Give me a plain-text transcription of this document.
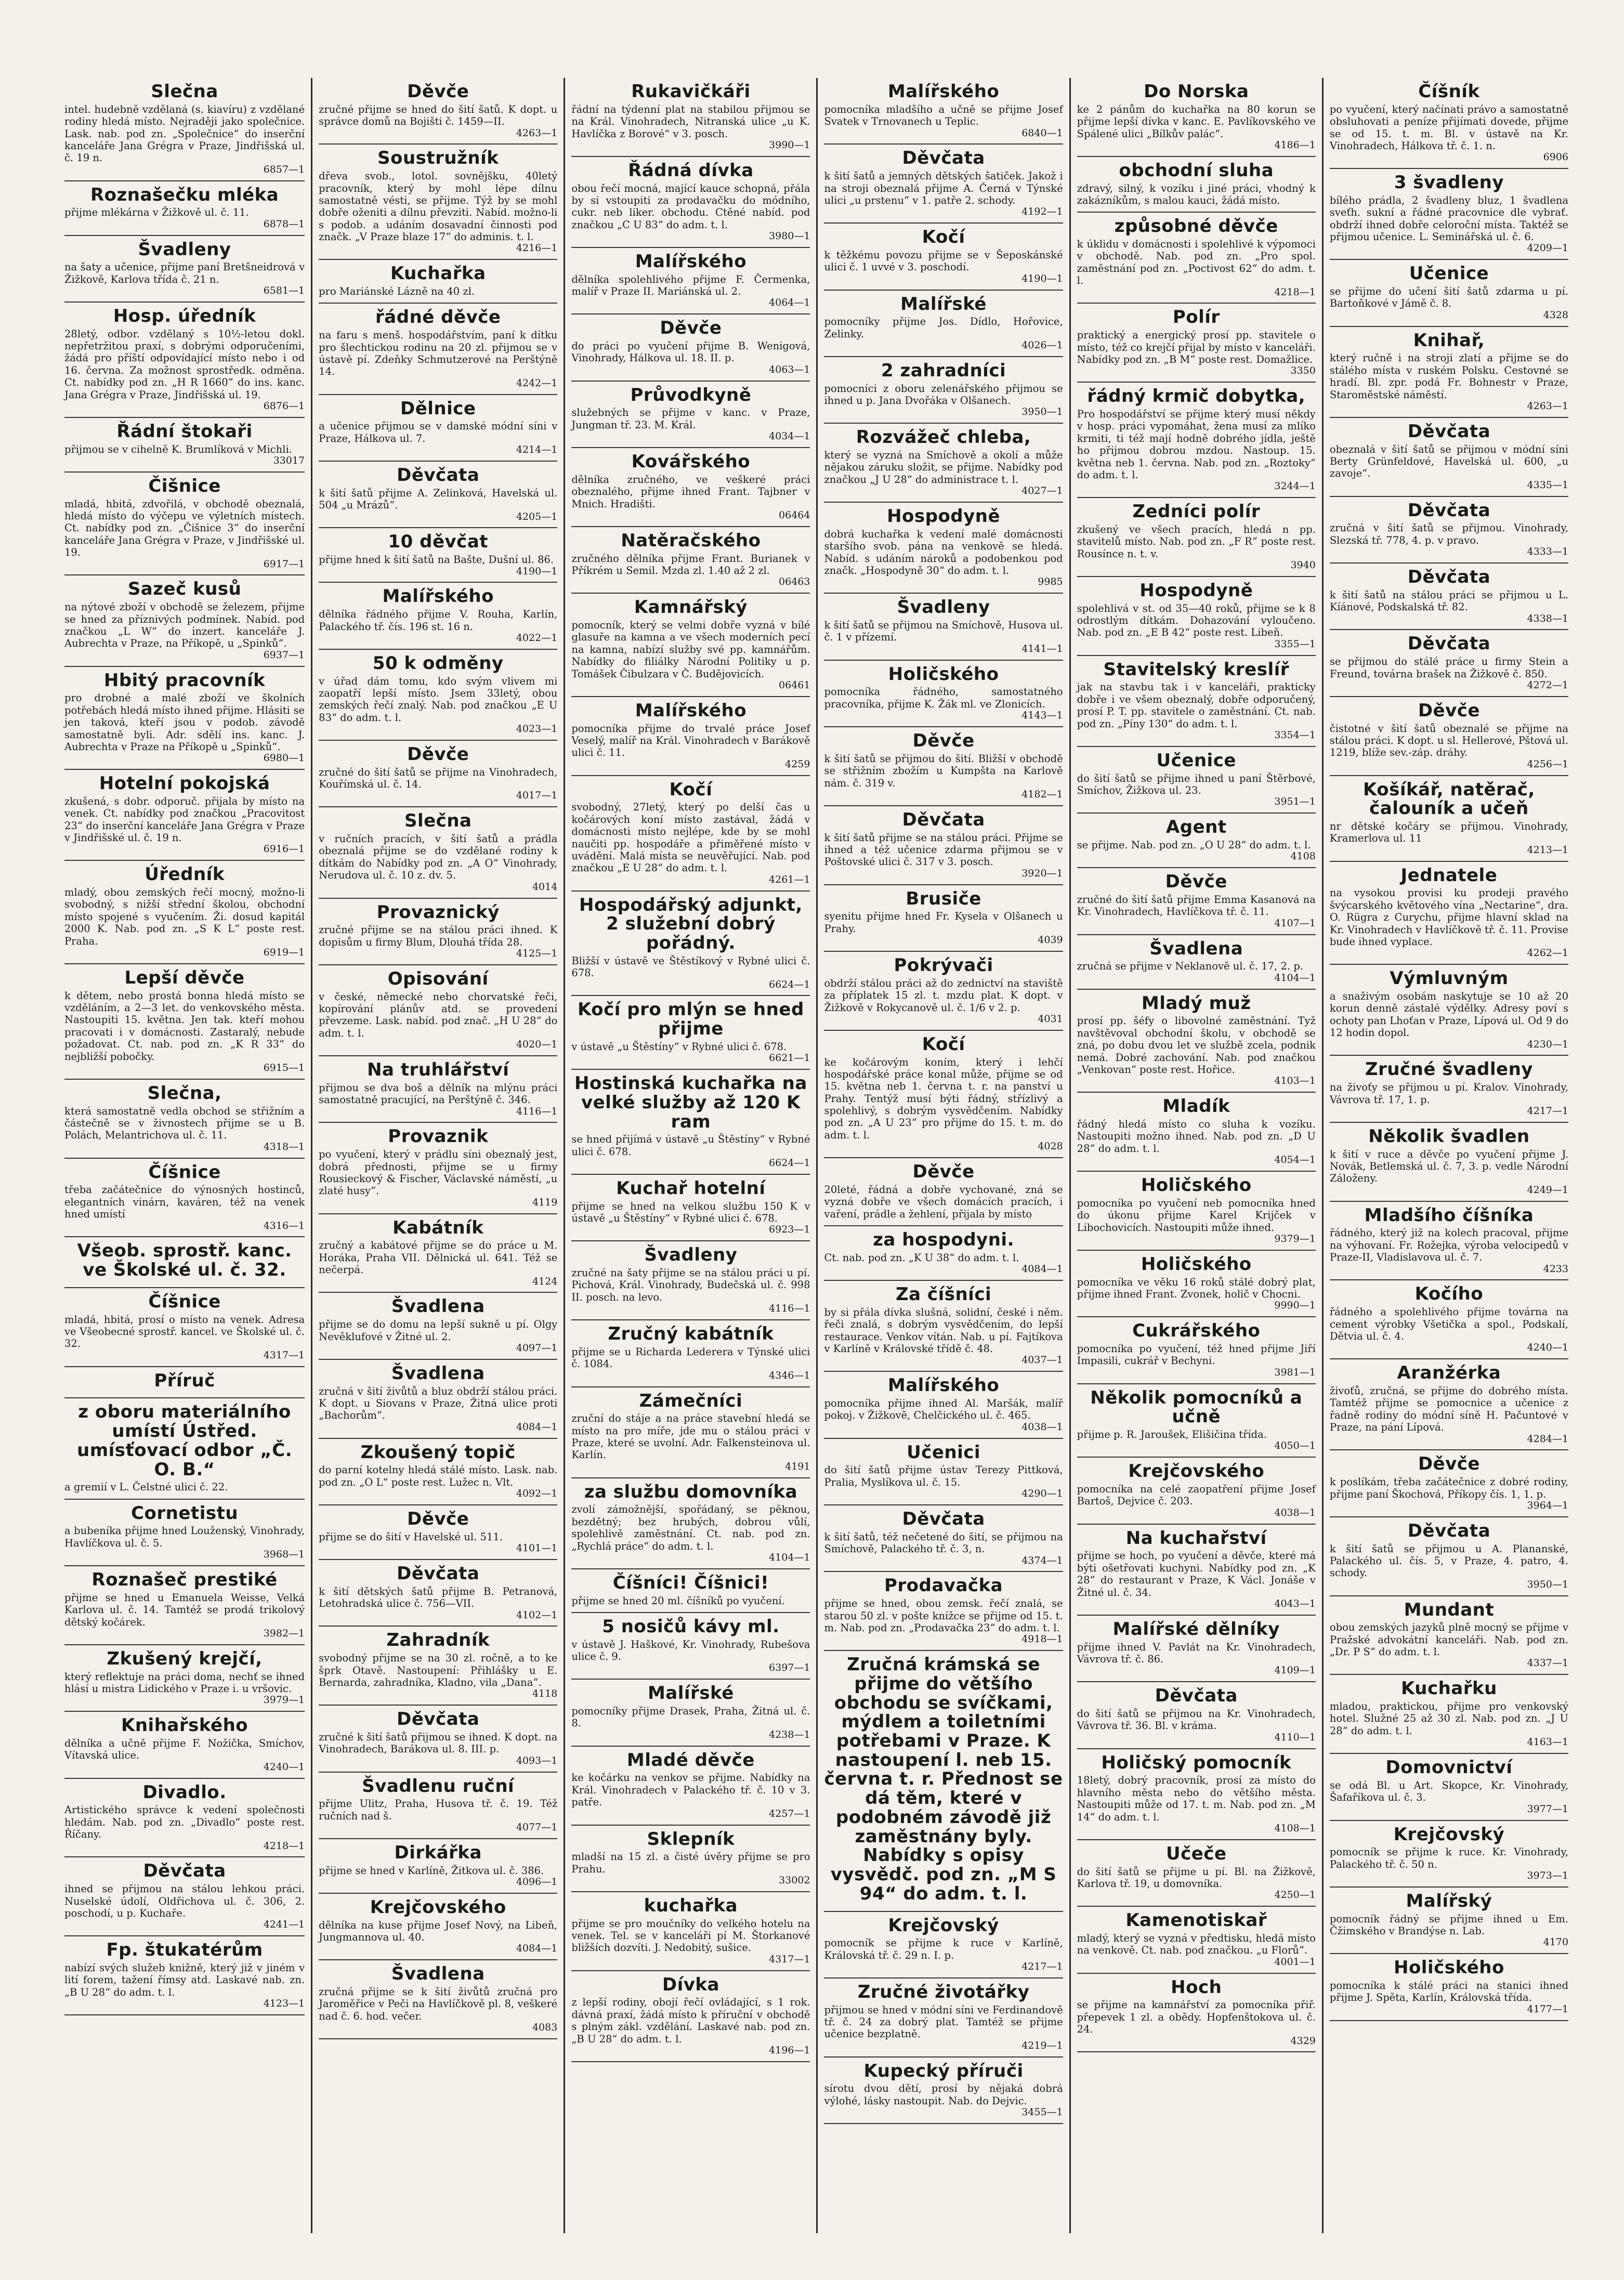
Slečna

intel. hudebně vzdělaná (s. kiavíru) z vzdělané rodiny hledá místo. Nejraději jako společnice. Lask. nab. pod zn. „Společnice“ do inserční kanceláře Jana Grégra v Praze, Jindřišská ul. č. 19 n.

6857—1

Roznašečku mléka

přijme mlékárna v Žižkově ul. č. 11.

6878—1

Švadleny

na šaty a učenice, přijme paní Bretšneidrová v Žižkově, Karlova třída č. 21 n.

6581—1

Hosp. úředník

28letý, odbor. vzdělaný s 10½-letou dokl. nepřetržitou praxí, s dobrými odporučeními, žádá pro příští odpovídající místo nebo i od 16. června. Za možnost sprostředk. odměna. Ct. nabídky pod zn. „H R 1660“ do ins. kanc. Jana Grégra v Praze, Jindřišská ul. 19.

6876—1

Řádní štokaři

přijmou se v cihelně K. Brumlíková v Michli.

33017

Čišnice

mladá, hbitá, zdvořilá, v obchodě obeznalá, hledá místo do výčepu ve výletních místech. Ct. nabídky pod zn. „Čišnice 3“ do inserční kanceláře Jana Grégra v Praze, v Jindřišské ul. 19.

6917—1

Sazeč kusů

na nýtové zboží v obchodě se železem, přijme se hned za příznivých podmínek. Nabíd. pod značkou „L W“ do inzert. kanceláře J. Aubrechta v Praze, na Příkopě, u „Spinků“.

6937—1

Hbitý pracovník

pro drobné a malé zboží ve školních potřebách hledá místo ihned přijme. Hlásiti se jen taková, kteří jsou v podob. závodě samostatně byli. Adr. sdělí ins. kanc. J. Aubrechta v Praze na Příkopě u „Spinků“.

6980—1

Hotelní pokojská

zkušená, s dobr. odporuč. přijala by místo na venek. Ct. nabídky pod značkou „Pracovitost 23“ do inserční kanceláře Jana Grégra v Praze v Jindřišské ul. č. 19 n.

6916—1

Úředník

mladý, obou zemských řečí mocný, možno-li svobodný, s nižší střední školou, obchodní místo spojené s vyučením. Ži. dosud kapitál 2000 K. Nab. pod zn. „S K L“ poste rest. Praha.

6919—1

Lepší děvče

k dětem, nebo prostá bonna hledá místo se vzděláním, a 2—3 let. do venkovského města. Nastoupiti 15. května. Jen tak. kteří mohou pracovati i v domácnosti. Zastaralý, nebude požadovat. Ct. nab. pod zn. „K R 33“ do nejbližší pobočky.

6915—1

Slečna,

která samostatně vedla obchod se střižním a částečně se v živnostech přijme se u B. Polách, Melantrichova ul. č. 11.

4318—1

Číšnice

třeba začátečnice do výnosných hostinců, elegantních vinárn, kaváren, též na venek hned umístí

4316—1

Všeob. sprostř. kanc. ve Školské ul. č. 32.
Číšnice

mladá, hbitá, prosí o místo na venek. Adresa ve Všeobecné sprostř. kancel. ve Školské ul. č. 32.

4317—1

Příruč
z oboru materiálního umístí Ústřed. umísťovací odbor „Č. O. B.“

a gremií v L. Čelstné ulici č. 22.

Cornetistu

a bubeníka přijme hned Louženský, Vinohrady, Havlíčkova ul. č. 5.

3968—1

Roznašeč prestiké

přijme se hned u Emanuela Weisse, Velká Karlova ul. č. 14. Tamtéž se prodá trikolový dětský kočárek.

3982—1

Zkušený krejčí,

který reflektuje na práci doma, nechť se ihned hlásí u mistra Lidického v Praze i. u vršovic.

3979—1

Knihařského

dělníka a učně přijme F. Nožička, Smíchov, Vítavská ulice.

4240—1

Divadlo.

Artistického správce k vedení společnosti hledám. Nab. pod zn. „Divadlo“ poste rest. Říčany.

4218—1

Děvčata

ihned se přijmou na stálou lehkou práci. Nuselské údolí, Oldřichova ul. č. 306, 2. poschodí, u p. Kuchaře.

4241—1

Fp. štukatérům

nabízí svých služeb knižně, který již v jiném v lití forem, tažení římsy atd. Laskavé nab. zn. „B U 28“ do adm. t. l.

4123—1

Děvče

zručné přijme se hned do šití šatů. K dopt. u správce domů na Bojišti č. 1459—II.

4263—1

Soustružník

dřeva svob., lotol. sovnějšku, 40letý pracovník, který by mohl lépe dílnu samostatně vésti, se přijme. Týž by se mohl dobře oženiti a dílnu převziti. Nabíd. možno-li s podob. a udáním dosavadní činnosti pod značk. „V Praze blaze 17“ do adminis. t. l.

4216—1

Kuchařka

pro Mariánské Lázně na 40 zl.

řádné děvče

na faru s menš. hospodářstvím, paní k dítku pro šlechtickou rodinu na 20 zl. přijmou se v ústavě pí. Zdeňky Schmutzerové na Perštýně 14.

4242—1

Dělnice

a učenice přijmou se v damské módní síni v Praze, Hálkova ul. 7.

4214—1

Děvčata

k šití šatů přijme A. Zelinková, Havelská ul. 504 „u Mrázů“.

4205—1

10 děvčat

přijme hned k šití šatů na Bašte, Dušní ul. 86.

4190—1

Malířského

dělníka řádného přijme V. Rouha, Karlín, Palackého tř. čís. 196 st. 16 n.

4022—1

50 k odměny

v úřad dám tomu, kdo svým vlivem mi zaopatří lepší místo. Jsem 33letý, obou zemských řečí znalý. Nab. pod značkou „E U 83“ do adm. t. l.

4023—1

Děvče

zručné do šití šatů se přijme na Vinohradech, Kouřímská ul. č. 14.

4017—1

Slečna

v ručních pracích, v šití šatů a prádla obeznalá přijme se do vzdělané rodiny k dítkám do Nabídky pod zn. „A O“ Vinohrady, Nerudova ul. č. 10 z. dv. 5.

4014

Provaznický

zručné přijme se na stálou práci ihned. K dopisům u firmy Blum, Dlouhá třída 28.

4125—1

Opisování

v české, německé nebo chorvatské řeči, kopírování plánův atd. se provedení převzeme. Lask. nabíd. pod znač. „H U 28“ do adm. t. l.

4020—1

Na truhlářství

přijmou se dva boš a dělník na mlýnu práci samostatně pracující, na Perštýně č. 346.

4116—1

Provaznik

po vyučení, který v prádlu síni obeznalý jest, dobrá přednosti, přijme se u firmy Rousieckový & Fischer, Václavské náměstí, „u zlaté husy“.

4119

Kabátník

zručný a kabátové přijme se do práce u M. Horáka, Praha VII. Dělnická ul. 641. Též se nečerpá.

4124

Švadlena

přijme se do domu na lepší sukně u pí. Olgy Nevěklufové v Žitné ul. 2.

4097—1

Švadlena

zručná v šití živůtů a bluz obdrží stálou práci. K dopt. u Siovans v Praze, Žitná ulice proti „Bachorům“.

4084—1

Zkoušený topič

do parní kotelny hledá stálé místo. Lask. nab. pod zn. „O L“ poste rest. Lužec n. Vlt.

4092—1

Děvče

přijme se do šití v Havelské ul. 511.

4101—1

Děvčata

k šití dětských šatů přijme B. Petranová, Letohradská ulice č. 756—VII.

4102—1

Zahradník

svobodný přijme se na 30 zl. ročně, a to ke šprk Otavě. Nastoupení: Přihlášky u E. Bernarda, zahradníka, Kladno, vila „Dana“.

4118

Děvčata

zručné k šití šatů přijmou se ihned. K dopt. na Vinohradech, Barákova ul. 8. III. p.

4093—1

Švadlenu ruční

přijme Ulitz, Praha, Husova tř. č. 19. Též ručních nad š.

4077—1

Dirkářka

přijme se hned v Karlíně, Žitkova ul. č. 386.

4096—1

Krejčovského

dělníka na kuse přijme Josef Nový, na Libeň, Jungmannova ul. 40.

4084—1

Švadlena

zručná přijme se k šití živůtů zručná pro Jaroměřice v Peči na Havlíčkově pl. 8, veškeré nad č. 6. hod. večer.

4083

Rukavičkáři

řádní na týdenní plat na stabilou přijmou se na Král. Vinohradech, Nitranská ulice „u K. Havlíčka z Borové“ v 3. posch.

3990—1

Řádná dívka

obou řečí mocná, mající kauce schopná, přála by si vstoupiti za prodavačku do módního, cukr. neb liker. obchodu. Ctěné nabíd. pod značkou „C U 83“ do adm. t. l.

3980—1

Malířského

dělníka spolehlivého přijme F. Čermenka, malíř v Praze II. Mariánská ul. 2.

4064—1

Děvče

do práci po vyučení přijme B. Wenigová, Vinohrady, Hálkova ul. 18. II. p.

4063—1

Průvodkyně

služebných se přijme v kanc. v Praze, Jungman tř. 23. M. Král.

4034—1

Kovářského

dělníka zručného, ve veškeré práci obeznalého, přijme ihned Frant. Tajbner v Mnich. Hradišti.

06464

Natěračského

zručného dělníka přijme Frant. Burianek v Příkrém u Semil. Mzda zl. 1.40 až 2 zl.

06463

Kamnářský

pomocník, který se velmi dobře vyzná v bílé glasuře na kamna a ve všech moderních pecí na kamna, nabízí služby své pp. kamnářům. Nabídky do filiálky Národní Politiky u p. Tomášek Čibulzara v Č. Budějovicích.

06461

Malířského

pomocníka přijme do trvalé práce Josef Veselý, malíř na Král. Vinohradech v Barákově ulici č. 11.

4259

Kočí

svobodný, 27letý, který po delší čas u kočárových koní místo zastával, žádá v domácnosti místo nejlépe, kde by se mohl naučiti pp. hospodáře a přiměřené místo v uvádění. Malá místa se neuvěřující. Nab. pod značkou „E U 28“ do adm. t. l.

4261—1

Hospodářský adjunkt, 2 služební dobrý pořádný.

Bližší v ústavě ve Štěstíkový v Rybné ulici č. 678.

6624—1

Kočí pro mlýn se hned přijme

v ústavě „u Štěstíny“ v Rybné ulici č. 678.

6621—1

Hostinská kuchařka na velké služby až 120 K ram

se hned přijímá v ústavě „u Štěstíny“ v Rybné ulici č. 678.

6624—1

Kuchař hotelní

přijme se hned na velkou službu 150 K v ústavě „u Štěstíny“ v Rybné ulici č. 678.

6923—1

Švadleny

zručné na šaty přijme se na stálou práci u pí. Pichová, Král. Vinohrady, Budečská ul. č. 998 II. posch. na levo.

4116—1

Zručný kabátník

přijme se u Richarda Lederera v Týnské ulici č. 1084.

4346—1

Zámečníci

zruční do stáje a na práce stavební hledá se místo na pro míře, jde mu o stálou práci v Praze, které se uvolní. Adr. Falkensteinova ul. Karlín.

4191

za službu domovníka

zvolí zámožnější, spořádaný, se pěknou, bezdětný; bez hrubých, dobrou vůlí, spolehlivě zaměstnání. Ct. nab. pod zn. „Rychlá práce“ do adm. t. l.

4104—1

Číšníci! Číšnici!

přijme se hned 20 ml. číšníků po vyučení.

5 nosičů kávy ml.

v ústavě J. Haškové, Kr. Vinohrady, Rubešova ulice č. 9.

6397—1

Malířské

pomocníky přijme Drasek, Praha, Žitná ul. č. 8.

4238—1

Mladé děvče

ke kočárku na venkov se přijme. Nabídky na Král. Vinohradech v Palackého tř. č. 10 v 3. patře.

4257—1

Sklepník

mladší na 15 zl. a čisté úvěry přijme se pro Prahu.

33002

kuchařka

přijme se pro moučníky do velkého hotelu na venek. Tel. se v kanceláři pí M. Štorkanové bližších dozvíti. J. Nedobitý, sušice.

4317—1

Dívka

z lepší rodiny, obojí řečí ovládající, s 1 rok. dávná praxí, žádá místo k příruční v obchodě s plným zákl. vzdělání. Laskavé nab. pod zn. „B U 28“ do adm. t. l.

4196—1

Malířského

pomocníka mladšího a učně se přijme Josef Svatek v Trnovanech u Teplic.

6840—1

Děvčata

k šití šatů a jemných dětských šatiček. Jakož i na stroji obeznalá přijme A. Černá v Týnské ulici „u prstenu“ v 1. patře 2. schody.

4192—1

Kočí

k těžkému povozu přijme se v Šeposkánské ulici č. 1 uvvé v 3. poschodí.

4190—1

Malířské

pomocníky přijme Jos. Dídlo, Hořovice, Zelinky.

4026—1

2 zahradníci

pomocníci z oboru zelenářského přijmou se ihned u p. Jana Dvořáka v Olšanech.

3950—1

Rozvážeč chleba,

který se vyzná na Smíchově a okolí a může nějakou záruku složit, se přijme. Nabídky pod značkou „J U 28“ do administrace t. l.

4027—1

Hospodyně

dobrá kuchařka k vedení malé domácnosti staršího svob. pána na venkově se hledá. Nabíd. s udáním nároků a podobenkou pod značk. „Hospodyně 30“ do adm. t. l.

9985

Švadleny

k šití šatů se přijmou na Smíchově, Husova ul. č. 1 v přízemí.

4141—1

Holičského

pomocníka řádného, samostatného pracovníka, přijme K. Žák ml. ve Zlonicích.

4143—1

Děvče

k šití šatů se přijmou do šití. Bližší v obchodě se střižním zbožím u Kumpšta na Karlově nám. č. 319 v.

4182—1

Děvčata

k šití šatů přijme se na stálou práci. Přijme se ihned a též učenice zdarma přijmou se v Poštovské ulici č. 317 v 3. posch.

3920—1

Brusiče

syenitu přijme hned Fr. Kysela v Olšanech u Prahy.

4039

Pokrývači

obdrží stálou práci až do zednictví na staviště za příplatek 15 zl. t. mzdu plat. K dopt. v Žižkově v Rokycanově ul. č. 1/6 v 2. p.

4031

Kočí

ke kočárovým koním, který i lehčí hospodářské práce konal může, přijme se od 15. května neb 1. června t. r. na panství u Prahy. Tentýž musí býti řádný, střízlivý a spolehlivý, s dobrým vysvědčením. Nabídky pod zn. „A U 23“ pro přijme do 15. t. m. do adm. t. l.

4028

Děvče

20leté, řádná a dobře vychované, zná se vyzná dobře ve všech domácích pracích, i vaření, prádle a žehlení, přijala by místo

za hospodyni.

Ct. nab. pod zn. „K U 38“ do adm. t. l.

4084—1

Za číšníci

by si přála dívka slušná, solidní, české i něm. řeči znalá, s dobrým vysvědčením, do lepší restaurace. Venkov vítán. Nab. u pí. Fajtíkova v Karlíně v Královské třídě č. 48.

4037—1

Malířského

pomocníka přijme ihned Al. Maršák, malíř pokoj. v Žižkově, Chelčického ul. č. 465.

4038—1

Učenici

do šití šatů přijme ústav Terezy Pittková, Pralia, Myslíkova ul. č. 15.

4290—1

Děvčata

k šití šatů, též nečetené do šití, se přijmou na Smíchově, Palackého tř. č. 3, n.

4374—1

Prodavačka

přijme se hned, obou zemsk. řečí znalá, se starou 50 zl. v pošte knížce se přijme od 15. t. m. Nab. pod zn. „Prodavačka 23“ do adm. t. l.

4918—1

Zručná krámská se přijme do většího obchodu se svíčkami, mýdlem a toiletními potřebami v Praze. K nastoupení l. neb 15. června t. r. Přednost se dá těm, které v podobném závodě již zaměstnány byly. Nabídky s opisy vysvědč. pod zn. „M S 94“ do adm. t. l.
Krejčovský

pomocník se přijme k ruce v Karlíně, Královská tř. č. 29 n. I. p.

4217—1

Zručné životářky

přijmou se hned v módní síni ve Ferdinandově tř. č. 24 za dobrý plat. Tamtéž se přijme učenice bezplatně.

4219—1

Kupecký příruči

sírotu dvou dětí, prosí by nějaká dobrá výlohé, lásky nastoupit. Nab. do Dejvic.

3455—1

Do Norska

ke 2 pánům do kuchařka na 80 korun se přijme lepší dívka v kanc. E. Pavlíkovského ve Spálené ulici „Bílkův palác“.

4186—1

obchodní sluha

zdravý, silný, k vozíku i jiné práci, vhodný k zakázníkům, s malou kauci, žádá místo.

způsobné děvče

k úklidu v domácnosti i spolehlivé k výpomoci v obchodě. Nab. pod zn. „Pro spol. zaměstnání pod zn. „Poctivost 62“ do adm. t. l.

4218—1

Polír

praktický a energický prosí pp. stavitele o místo, též co krejčí přijal by místo v kanceláři. Nabídky pod zn. „B M“ poste rest. Domažlice.

3350

řádný krmič dobytka,

Pro hospodářství se přijme který musí někdy v hosp. práci vypomáhat, žena musí za mlíko krmiti, ti též mají hodně dobrého jídla, ještě ho přijmou dobrou mzdou. Nastoup. 15. května neb 1. června. Nab. pod zn. „Roztoky“ do adm. t. l.

3244—1

Zedníci polír

zkušený ve všech pracích, hledá n pp. stavitelů místo. Nab. pod zn. „F R“ poste rest. Rousínce n. t. v.

3940

Hospodyně

spolehlivá v st. od 35—40 roků, přijme se k 8 odrostlým dítkám. Dohazování vyloučeno. Nab. pod zn. „E B 42“ poste rest. Libeň.

3355—1

Stavitelský kreslíř

jak na stavbu tak i v kanceláři, prakticky dobře i ve všem obeznalý, dobře odporučený, prosí P. T. pp. stavitele o zaměstnání. Ct. nab. pod zn. „Píny 130“ do adm. t. l.

3354—1

Učenice

do šití šatů se přijme ihned u paní Štěrbové, Smíchov, Žižkova ul. 23.

3951—1

Agent

se přijme. Nab. pod zn. „O U 28“ do adm. t. l.

4108

Děvče

zručné do šití šatů přijme Emma Kasanová na Kr. Vinohradech, Havlíčkova tř. č. 11.

4107—1

Švadlena

zručná se přijme v Neklanově ul. č. 17, 2. p.

4104—1

Mladý muž

prosí pp. šéfy o libovolné zaměstnání. Tyž navštěvoval obchodní školu, v obchodě se zná, po dobu dvou let ve službě zcela, podnik nemá. Dobré zachování. Nab. pod značkou „Venkovan“ poste rest. Hořice.

4103—1

Mladík

řádný hledá místo co sluha k vozíku. Nastoupiti možno ihned. Nab. pod zn. „D U 28“ do adm. t. l.

4054—1

Holičského

pomocníka po vyučení neb pomocníka hned do úkonu přijme Karel Krijček v Libochovicích. Nastoupiti může ihned.

9379—1

Holičského

pomocníka ve věku 16 roků stálé dobrý plat, přijme ihned Frant. Zvonek, holič v Chocni.

9990—1

Cukrářského

pomocníka po vyučení, též hned přijme Jiří Impasili, cukrář v Bechyni.

3981—1

Několik pomocníků a učně

přijme p. R. Jaroušek, Elišičina třída.

4050—1

Krejčovského

pomocníka na celé zaopatření přijme Josef Bartoš, Dejvice č. 203.

4038—1

Na kuchařství

přijme se hoch, po vyučení a děvče, které má býti ošetřovati kuchyni. Nabídky pod zn. „K 28“ do restaurant v Praze, K Václ. Jonáše v Žitné ul. č. 34.

4043—1

Malířské dělníky

přijme ihned V. Pavlát na Kr. Vinohradech, Vávrova tř. č. 86.

4109—1

Děvčata

do šití šatů se přijmou na Kr. Vinohradech, Vávrova tř. 36. Bl. v kráma.

4110—1

Holičský pomocník

18letý, dobrý pracovník, prosí za místo do hlavního města nebo do většího města. Nastoupiti může od 17. t. m. Nab. pod zn. „M 14“ do adm. t. l.

4108—1

Učeče

do šití šatů se přijme u pí. Bl. na Žižkově, Karlova tř. 19, u domovníka.

4250—1

Kamenotiskař

mladý, který se vyzná v předtisku, hledá místo na venkově. Ct. nab. pod značkou. „u Florů“.

4001—1

Hoch

se přijme na kamnářství za pomocníka přiř. přepevek 1 zl. a obědy. Hopfenštokova ul. č. 24.

4329

Číšník

po vyučení, který načínati právo a samostatně obsluhovati a peníze přijímati dovede, přijme se od 15. t. m. Bl. v ústavě na Kr. Vinohradech, Hálkova tř. č. 1. n.

6906

3 švadleny

bílého prádla, 2 švadleny bluz, 1 švadlena sveťh. sukní a řádné pracovnice dle vybrať. obdrží ihned dobře celoroční místa. Taktéž se přijmou učenice. L. Seminářská ul. č. 6.

4209—1

Učenice

se přijme do učení šití šatů zdarma u pí. Bartoňkové v Jámě č. 8.

4328

Knihař,

který ručně i na stroji zlatí a přijme se do stálého místa v ruském Polsku. Cestovné se hradí. Bl. zpr. podá Fr. Bohnestr v Praze, Staroměstské náměstí.

4263—1

Děvčata

obeznalá v šití šatů se přijmou v módní síni Berty Grünfeldové, Havelská ul. 600, „u zavoje“.

4335—1

Děvčata

zručná v šití šatů se přijmou. Vinohrady, Slezská tř. 778, 4. p. v pravo.

4333—1

Děvčata

k šití šatů na stálou práci se přijmou u L. Kíánové, Podskalská tř. 82.

4338—1

Děvčata

se přijmou do stálé práce u firmy Stein a Freund, továrna brašek na Žižkově č. 850.

4272—1

Děvče

čistotné v šití šatů obeznalé se přijme na stálou práci. K dopt. u sl. Hellerové, Pštová ul. 1219, blíže sev.-záp. dráhy.

4256—1

Košíkář, natěrač, čalouník a učeň

nr dětské kočáry se přijmou. Vinohrady, Kramerlova ul. 11

4213—1

Jednatele

na vysokou provisi ku prodeji pravého švýcarského květového vína „Nectarine“, dra. O. Rügra z Curychu, přijme hlavní sklad na Kr. Vinohradech v Havlíčkově tř. č. 11. Provise bude ihned vyplace.

4262—1

Výmluvným

a snaživým osobám naskytuje se 10 až 20 korun denně zástalé výdělky. Adresy poví s ochoty pan Lhoťan v Praze, Lípová ul. Od 9 do 12 hodin dopol.

4230—1

Zručné švadleny

na živoťy se přijmou u pí. Kralov. Vinohrady, Vávrova tř. 17, 1. p.

4217—1

Několik švadlen

k šití v ruce a děvče po vyučení přijme J. Novák, Betlemská ul. č. 7, 3. p. vedle Národní Záloženy.

4249—1

Mladšího číšníka

řádného, který již na kolech pracoval, přijme na výhovaní. Fr. Rožejka, výroba velocipedů v Praze-II, Vladislavova ul. č. 7.

4233

Kočího

řádného a spolehlivého přijme továrna na cement výrobky Všetička a spol., Podskalí, Dětvia ul. č. 4.

4240—1

Aranžérka

živoťů, zručná, se přijme do dobrého místa. Tamtéž přijme se pomocnice a učenice z řadně rodiny do módní síně H. Pačuntové v Praze, na pání Lípová.

4284—1

Děvče

k poslíkám, třeba začátečnice z dobré rodiny, přijme paní Škochová, Příkopy čís. 1, 1. p.

3964—1

Děvčata

k šití šatů se přijmou u A. Plananské, Palackého ul. čís. 5, v Praze, 4. patro, 4. schody.

3950—1

Mundant

obou zemských jazyků plně mocný se přijme v Pražské advokátní kanceláři. Nab. pod zn. „Dr. P S“ do adm. t. l.

4337—1

Kuchařku

mladou, praktickou, přijme pro venkovský hotel. Služné 25 až 30 zl. Nab. pod zn. „J U 28“ do adm. t. l.

4163—1

Domovnictví

se odá Bl. u Art. Skopce, Kr. Vinohrady, Šafaříkova ul. č. 3.

3977—1

Krejčovský

pomocník se přijme k ruce. Kr. Vinohrady, Palackého tř. č. 50 n.

3973—1

Malířský

pomocník řádný se přijme ihned u Em. Čžimského v Brandýse n. Lab.

4170

Holičského

pomocníka k stálé práci na stanici ihned přijme J. Spěta, Karlín, Královská třída.

4177—1
